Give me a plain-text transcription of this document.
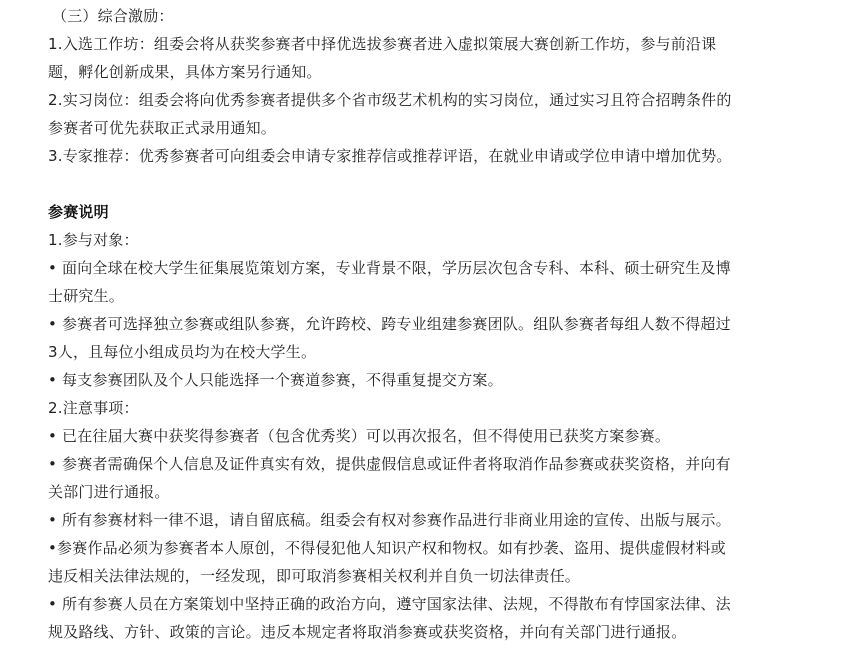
（三）综合激励：
1.入选工作坊：组委会将从获奖参赛者中择优选拔参赛者进入虚拟策展大赛创新工作坊，参与前沿课
题，孵化创新成果，具体方案另行通知。
2.实习岗位：组委会将向优秀参赛者提供多个省市级艺术机构的实习岗位，通过实习且符合招聘条件的
参赛者可优先获取正式录用通知。
3.专家推荐：优秀参赛者可向组委会申请专家推荐信或推荐评语，在就业申请或学位申请中增加优势。
参赛说明
1.参与对象：
• 面向全球在校大学生征集展览策划方案，专业背景不限，学历层次包含专科、本科、硕士研究生及博
士研究生。
• 参赛者可选择独立参赛或组队参赛，允许跨校、跨专业组建参赛团队。组队参赛者每组人数不得超过
3人，且每位小组成员均为在校大学生。
• 每支参赛团队及个人只能选择一个赛道参赛，不得重复提交方案。
2.注意事项：
• 已在往届大赛中获奖得参赛者（包含优秀奖）可以再次报名，但不得使用已获奖方案参赛。
• 参赛者需确保个人信息及证件真实有效，提供虚假信息或证件者将取消作品参赛或获奖资格，并向有
关部门进行通报。
• 所有参赛材料一律不退，请自留底稿。组委会有权对参赛作品进行非商业用途的宣传、出版与展示。
•参赛作品必须为参赛者本人原创，不得侵犯他人知识产权和物权。如有抄袭、盗用、提供虚假材料或
违反相关法律法规的，一经发现，即可取消参赛相关权利并自负一切法律责任。
• 所有参赛人员在方案策划中坚持正确的政治方向，遵守国家法律、法规，不得散布有悖国家法律、法
规及路线、方针、政策的言论。违反本规定者将取消参赛或获奖资格，并向有关部门进行通报。
